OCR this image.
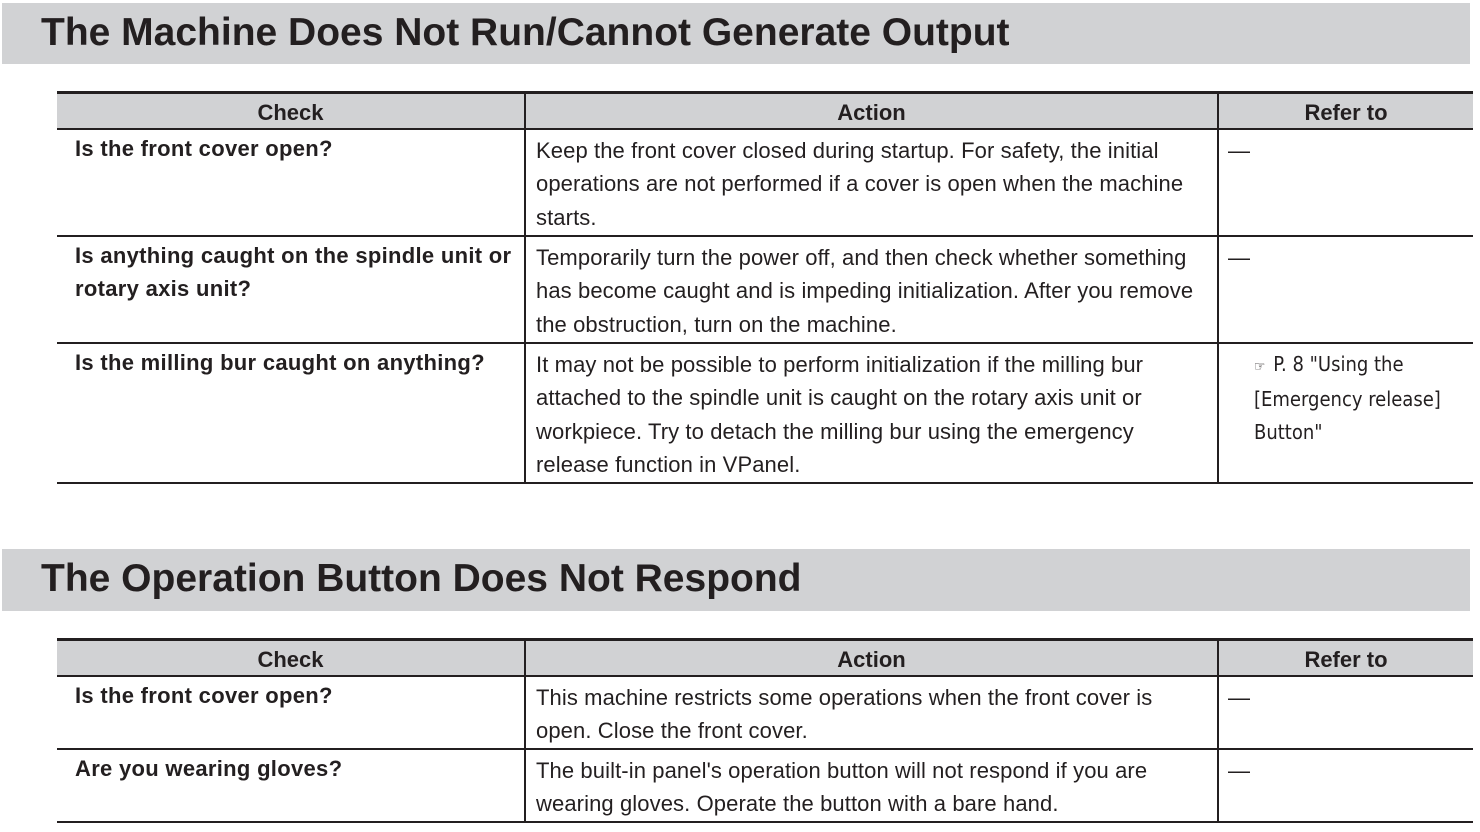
The Machine Does Not Run/Cannot Generate Output
Check	Action	Refer to
Is the front cover open?	Keep the front cover closed during startup. For safety, the initial operations are not performed if a cover is open when the machine starts.	—
Is anything caught on the spindle unit or rotary axis unit?	Temporarily turn the power off, and then check whether something has become caught and is impeding initialization. After you remove the obstruction, turn on the machine.	—
Is the milling bur caught on anything?	It may not be possible to perform initialization if the milling bur attached to the spindle unit is caught on the rotary axis unit or workpiece. Try to detach the milling bur using the emergency release function in VPanel.	☞ P. 8 "Using the [Emergency release] Button"
The Operation Button Does Not Respond
Check	Action	Refer to
Is the front cover open?	This machine restricts some operations when the front cover is open. Close the front cover.	—
Are you wearing gloves?	The built-in panel's operation button will not respond if you are wearing gloves. Operate the button with a bare hand.	—
